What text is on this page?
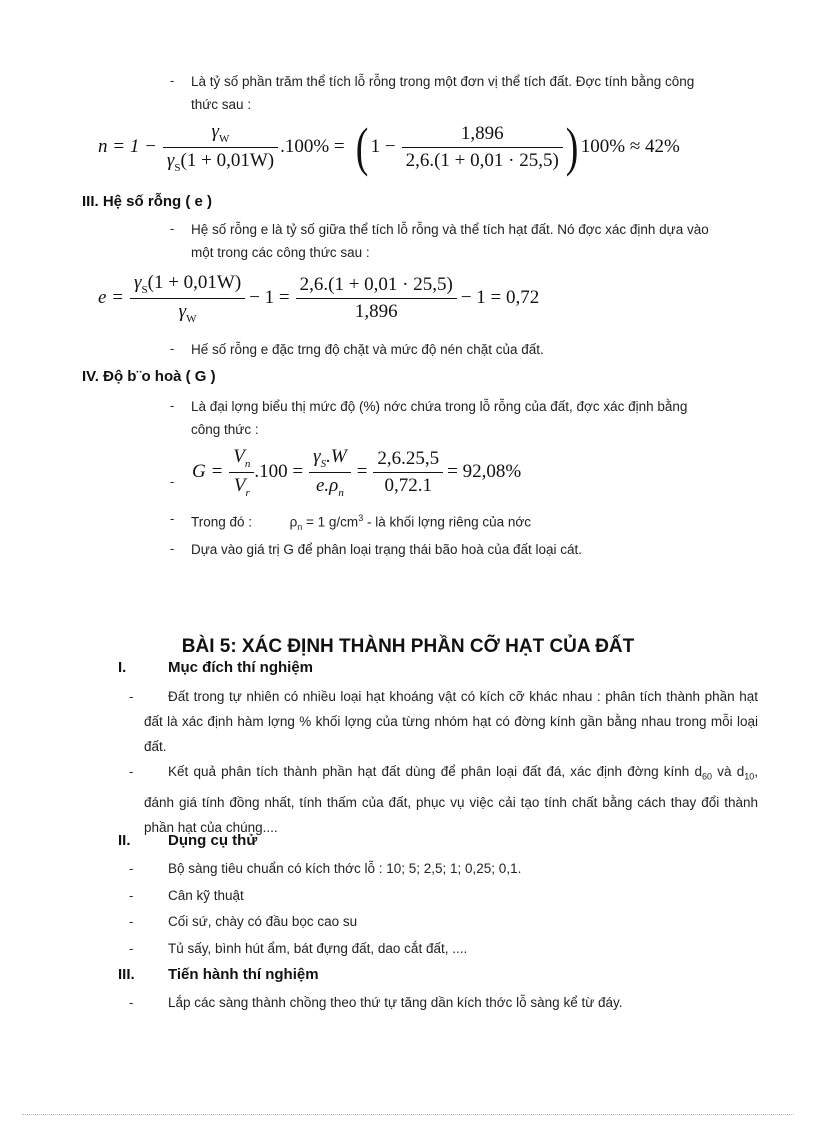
- Là tỷ số phần trăm thể tích lỗ rỗng trong một đơn vị thể tích đất. Đợc tính bằng công
thức sau :
$n = 1 - \frac{\gamma_W}{\gamma_S(1 + 0,01W)} .100\%$ = ( $1 - \frac{1,896}{2,6.(1 + 0,01 \cdot 25,5)}$ ) 100% ≈ 42%
III. Hệ số rỗng ( e )
- Hệ số rỗng e là tỷ số giữa thể tích lỗ rỗng và thể tích hạt đất. Nó đợc xác định dựa vào
một trong các công thức sau :
$e = \frac{\gamma_S(1 + 0,01W)}{\gamma_W} - 1 = \frac{2,6.(1 + 0,01 \cdot 25,5)}{1,896} - 1 = 0,72$
- Hế số rỗng e đặc trng độ chặt và mức độ nén chặt của đất.
IV. Độ b¨o hoà ( G )
- Là đại lợng biểu thị mức độ (%) nớc chứa trong lỗ rỗng của đất, đợc xác định bằng
công thức :
- $G = \frac{V_n}{V_r} .100 = \frac{\gamma_S.W}{e.\rho_n} = \frac{2,6.25,5}{0,72.1} = 92,08\%$
- Trong đó :	$\rho_n = 1$ $g/cm^3$ - là khối lợng riêng của nớc
- Dựa vào giá trị G để phân loại trạng thái bão hoà của đất loại cát.
BÀI 5: XÁC ĐỊNH THÀNH PHẦN CỠ HẠT CỦA ĐẤT
I.	Mục đích thí nghiệm
-	Đất trong tự nhiên có nhiều loại hạt khoáng vật có kích cỡ khác nhau : phân tích thành phần hạt đất là xác định hàm lợng % khối lợng của từng nhóm hạt có đờng kính gần bằng nhau trong mỗi loại đất.
-	Kết quả phân tích thành phần hạt đất dùng để phân loại đất đá, xác định đờng kính $d_{60}$ và $d_{10}$, đánh giá tính đồng nhất, tính thấm của đất, phục vụ việc cải tạo tính chất bằng cách thay đổi thành phần hạt của chúng....
II. Dụng cụ thử
-	Bộ sàng tiêu chuẩn có kích thớc lỗ : 10; 5; 2,5; 1; 0,25; 0,1.
-	Cân kỹ thuật
-	Cối sứ, chày có đầu bọc cao su
-	Tủ sấy, bình hút ẩm, bát đựng đất, dao cắt đất, ....
III. Tiến hành thí nghiệm
-	Lắp các sàng thành chồng theo thứ tự tăng dần kích thớc lỗ sàng kể từ đáy.
